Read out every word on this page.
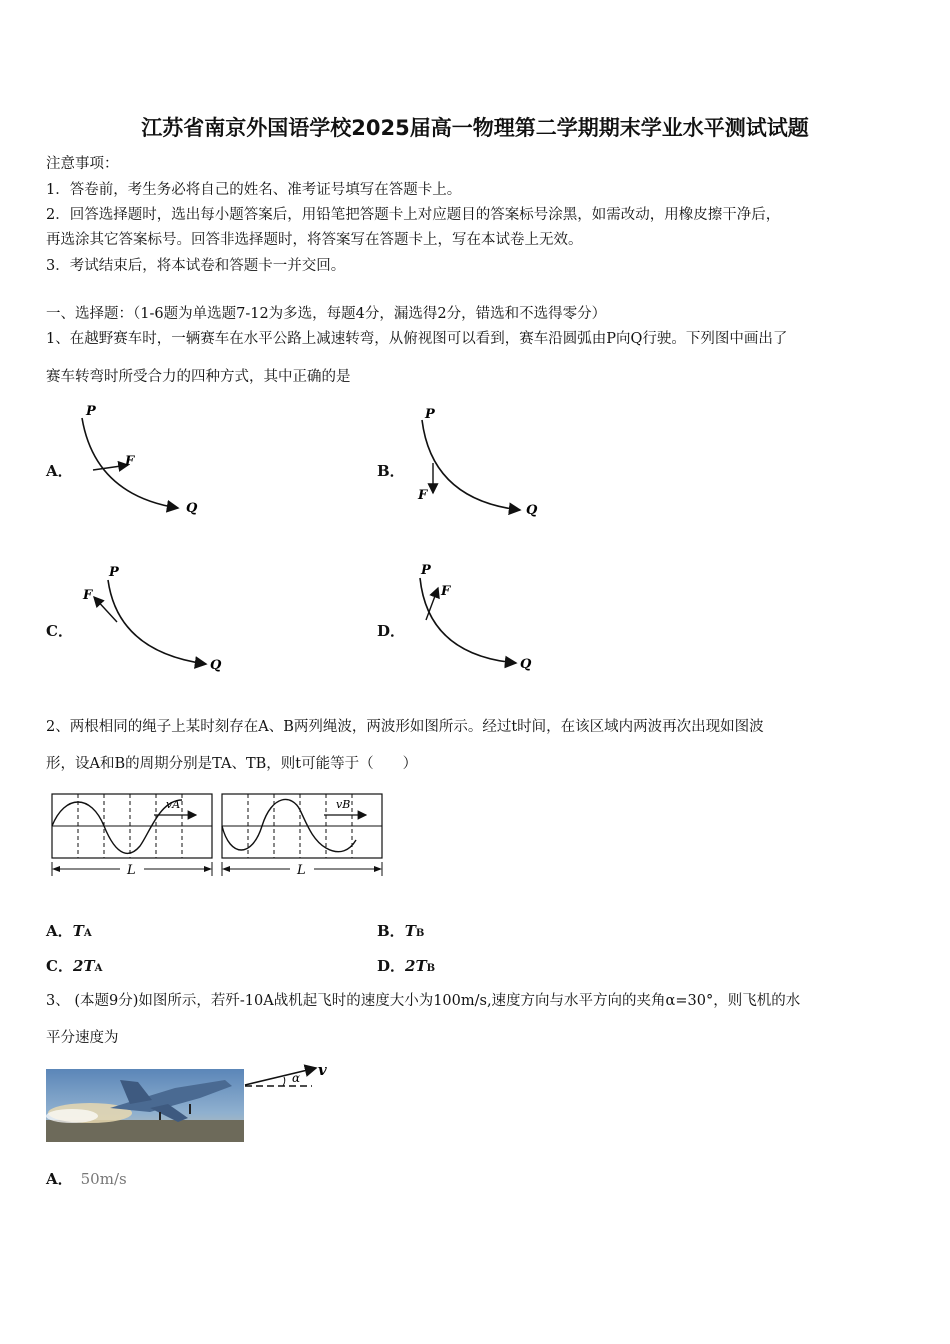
江苏省南京外国语学校2025届高一物理第二学期期末学业水平测试试题
注意事项：
1．答卷前，考生务必将自己的姓名、准考证号填写在答题卡上。
2．回答选择题时，选出每小题答案后，用铅笔把答题卡上对应题目的答案标号涂黑，如需改动，用橡皮擦干净后，
再选涂其它答案标号。回答非选择题时，将答案写在答题卡上，写在本试卷上无效。
3．考试结束后，将本试卷和答题卡一并交回。
一、选择题：（1-6题为单选题7-12为多选，每题4分，漏选得2分，错选和不选得零分）
1、在越野赛车时，一辆赛车在水平公路上减速转弯，从俯视图可以看到，赛车沿圆弧由P向Q行驶。下列图中画出了
赛车转弯时所受合力的四种方式，其中正确的是
A．	B．
C．	D．
P
Q
F
P
Q
F
P
Q
F
P
Q
F
vA
L
vB
L
α v
2、两根相同的绳子上某时刻存在A、B两列绳波，两波形如图所示。经过t时间，在该区域内两波再次出现如图波
形，设A和B的周期分别是TA、TB，则t可能等于（　　）
A．TA	B．TB
C．2TA	D．2TB
3、 (本题9分)如图所示，若歼-10A战机起飞时的速度大小为100m/s,速度方向与水平方向的夹角α=30°，则飞机的水
平分速度为
A． 50m/s
